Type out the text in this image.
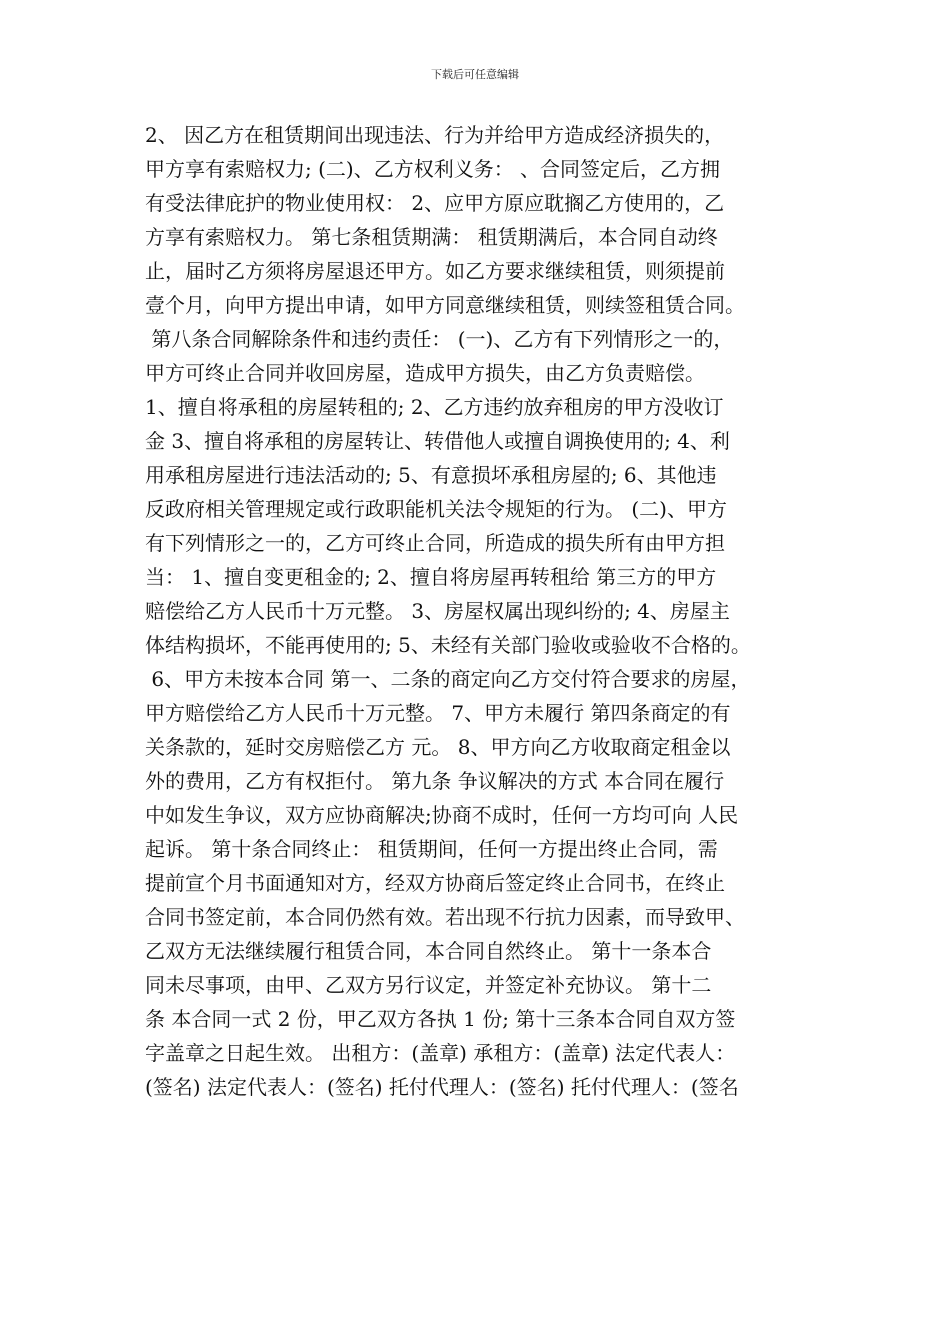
下载后可任意编辑
2、 因乙方在租赁期间出现违法、行为并给甲方造成经济损失的，
甲方享有索赔权力; (二)、乙方权利义务： 、合同签定后，乙方拥
有受法律庇护的物业使用权： 2、应甲方原应耽搁乙方使用的，乙
方享有索赔权力。 第七条租赁期满： 租赁期满后，本合同自动终
止，届时乙方须将房屋退还甲方。如乙方要求继续租赁，则须提前
壹个月，向甲方提出申请，如甲方同意继续租赁，则续签租赁合同。
第八条合同解除条件和违约责任： (一)、乙方有下列情形之一的，
甲方可终止合同并收回房屋，造成甲方损失，由乙方负责赔偿。
1、擅自将承租的房屋转租的; 2、乙方违约放弃租房的甲方没收订
金 3、擅自将承租的房屋转让、转借他人或擅自调换使用的; 4、利
用承租房屋进行违法活动的; 5、有意损坏承租房屋的; 6、其他违
反政府相关管理规定或行政职能机关法令规矩的行为。 (二)、甲方
有下列情形之一的，乙方可终止合同，所造成的损失所有由甲方担
当： 1、擅自变更租金的; 2、擅自将房屋再转租给 第三方的甲方
赔偿给乙方人民币十万元整。 3、房屋权属出现纠纷的; 4、房屋主
体结构损坏，不能再使用的; 5、未经有关部门验收或验收不合格的。
6、甲方未按本合同 第一、二条的商定向乙方交付符合要求的房屋，
甲方赔偿给乙方人民币十万元整。 7、甲方未履行 第四条商定的有
关条款的，延时交房赔偿乙方 元。 8、甲方向乙方收取商定租金以
外的费用，乙方有权拒付。 第九条 争议解决的方式 本合同在履行
中如发生争议，双方应协商解决;协商不成时，任何一方均可向 人民
起诉。 第十条合同终止： 租赁期间，任何一方提出终止合同，需
提前宣个月书面通知对方，经双方协商后签定终止合同书，在终止
合同书签定前，本合同仍然有效。若出现不行抗力因素，而导致甲、
乙双方无法继续履行租赁合同，本合同自然终止。 第十一条本合
同未尽事项，由甲、乙双方另行议定，并签定补充协议。 第十二
条 本合同一式 2 份，甲乙双方各执 1 份; 第十三条本合同自双方签
字盖章之日起生效。 出租方：(盖章) 承租方：(盖章) 法定代表人：
(签名) 法定代表人：(签名) 托付代理人：(签名) 托付代理人：(签名
